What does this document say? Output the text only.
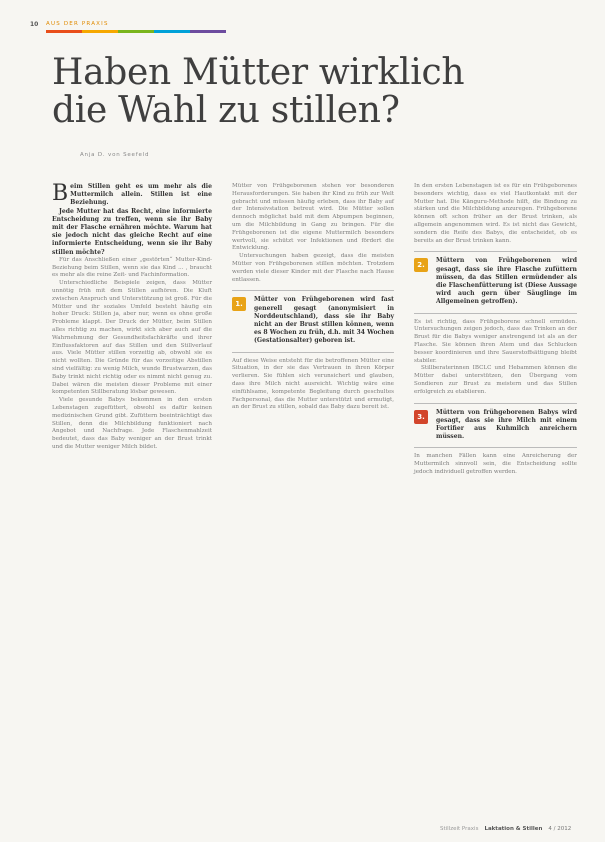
10 AUS DER PRAXIS
Haben Mütter wirklich die Wahl zu stillen?
Anja D. von Seefeld

Beim Stillen geht es um mehr als die Muttermilch allein. Stillen ist eine Beziehung.

Jede Mutter hat das Recht, eine informierte Entscheidung zu treffen, wenn sie ihr Baby mit der Flasche ernähren möchte. Warum hat sie jedoch nicht das gleiche Recht auf eine informierte Entscheidung, wenn sie ihr Baby stillen möchte?

Für das Anschließen einer „gestörten“ Mutter-Kind-Beziehung beim Stillen, wenn sie das Kind ... , braucht es mehr als die reine Zeit- und Fachinformation.

Unterschiedliche Beispiele zeigen, dass Mütter unnötig früh mit dem Stillen aufhören. Die Kluft zwischen Anspruch und Unterstützung ist groß. Für die Mütter und ihr soziales Umfeld besteht häufig ein hoher Druck: Stillen ja, aber nur, wenn es ohne große Probleme klappt. Der Druck der Mütter, beim Stillen alles richtig zu machen, wirkt sich aber auch auf die Wahrnehmung der Gesundheitsfachkräfte und ihrer Einflussfaktoren auf das Stillen und den Stillverlauf aus. Viele Mütter stillen vorzeitig ab, obwohl sie es nicht wollten. Die Gründe für das vorzeitige Abstillen sind vielfältig: zu wenig Milch, wunde Brustwarzen, das Baby trinkt nicht richtig oder es nimmt nicht genug zu. Dabei wären die meisten dieser Probleme mit einer kompetenten Stillberatung lösbar gewesen.

Viele gesunde Babys bekommen in den ersten Lebenstagen zugefüttert, obwohl es dafür keinen medizinischen Grund gibt. Zufüttern beeinträchtigt das Stillen, denn die Milchbildung funktioniert nach Angebot und Nachfrage. Jede Flaschenmahlzeit bedeutet, dass das Baby weniger an der Brust trinkt und die Mutter weniger Milch bildet.

Mütter von Frühgeborenen stehen vor besonderen Herausforderungen. Sie haben ihr Kind zu früh zur Welt gebracht und müssen häufig erleben, dass ihr Baby auf der Intensivstation betreut wird. Die Mütter sollen dennoch möglichst bald mit dem Abpumpen beginnen, um die Milchbildung in Gang zu bringen. Für die Frühgeborenen ist die eigene Muttermilch besonders wertvoll, sie schützt vor Infektionen und fördert die Entwicklung.

Untersuchungen haben gezeigt, dass die meisten Mütter von Frühgeborenen stillen möchten. Trotzdem werden viele dieser Kinder mit der Flasche nach Hause entlassen.

1.
Mütter von Frühgeborenen wird fast generell gesagt (anonymisiert in Norddeutschland), dass sie ihr Baby nicht an der Brust stillen können, wenn es 8 Wochen zu früh, d.h. mit 34 Wochen (Gestationsalter) geboren ist.

Auf diese Weise entsteht für die betroffenen Mütter eine Situation, in der sie das Vertrauen in ihren Körper verlieren. Sie fühlen sich verunsichert und glauben, dass ihre Milch nicht ausreicht. Wichtig wäre eine einfühlsame, kompetente Begleitung durch geschultes Fachpersonal, das die Mutter unterstützt und ermutigt, an der Brust zu stillen, sobald das Baby dazu bereit ist.

In den ersten Lebenstagen ist es für ein Frühgeborenes besonders wichtig, dass es viel Hautkontakt mit der Mutter hat. Die Känguru-Methode hilft, die Bindung zu stärken und die Milchbildung anzuregen. Frühgeborene können oft schon früher an der Brust trinken, als allgemein angenommen wird. Es ist nicht das Gewicht, sondern die Reife des Babys, die entscheidet, ob es bereits an der Brust trinken kann.

2.
Müttern von Frühgeborenen wird gesagt, dass sie ihre Flasche zufüttern müssen, da das Stillen ermüdender als die Flaschenfütterung ist (Diese Aussage wird auch gern über Säuglinge im Allgemeinen getroffen).

Es ist richtig, dass Frühgeborene schnell ermüden. Untersuchungen zeigen jedoch, dass das Trinken an der Brust für die Babys weniger anstrengend ist als an der Flasche. Sie können ihren Atem und das Schlucken besser koordinieren und ihre Sauerstoffsättigung bleibt stabiler.

Stillberaterinnen IBCLC und Hebammen können die Mütter dabei unterstützen, den Übergang vom Sondieren zur Brust zu meistern und das Stillen erfolgreich zu etablieren.

3.
Müttern von frühgeborenen Babys wird gesagt, dass sie ihre Milch mit einem Fortifier aus Kuhmilch anreichern müssen.

In manchen Fällen kann eine Anreicherung der Muttermilch sinnvoll sein, die Entscheidung sollte jedoch individuell getroffen werden.

Stillzeit Praxis Laktation & Stillen 4 / 2012
